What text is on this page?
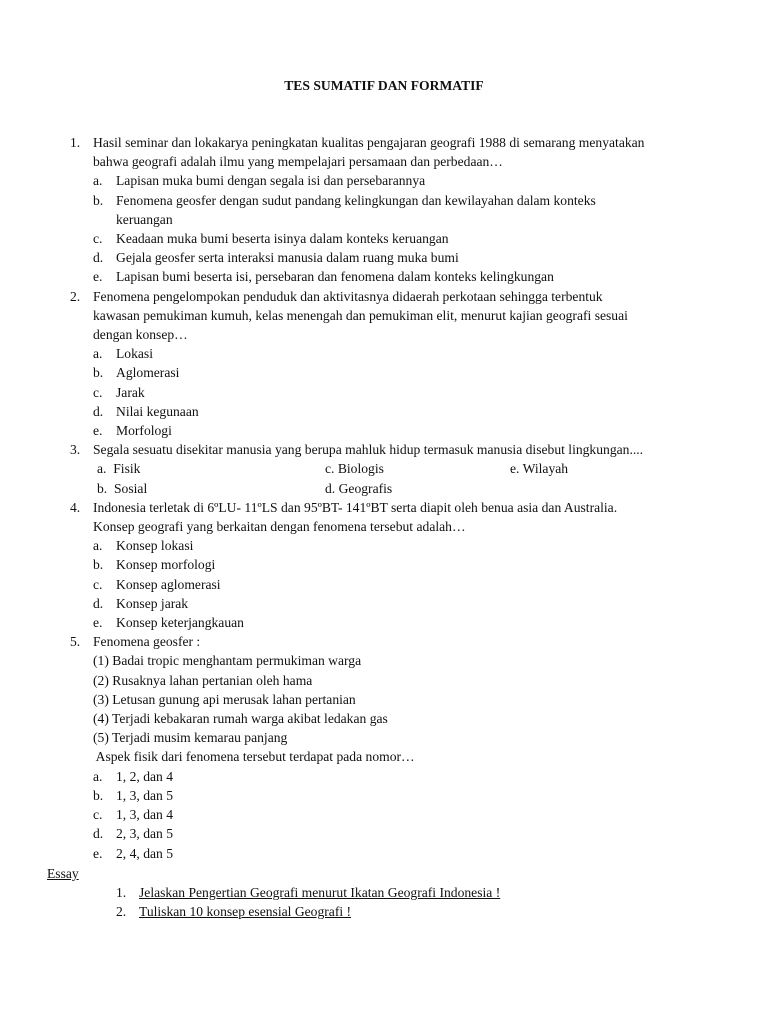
TES SUMATIF DAN FORMATIF
1. Hasil seminar dan lokakarya peningkatan kualitas pengajaran geografi 1988 di semarang menyatakan
bahwa geografi adalah ilmu yang mempelajari persamaan dan perbedaan…
a. Lapisan muka bumi dengan segala isi dan persebarannya
b. Fenomena geosfer dengan sudut pandang kelingkungan dan kewilayahan dalam konteks
keruangan
c. Keadaan muka bumi beserta isinya dalam konteks keruangan
d. Gejala geosfer serta interaksi manusia dalam ruang muka bumi
e. Lapisan bumi beserta isi, persebaran dan fenomena dalam konteks kelingkungan
2. Fenomena pengelompokan penduduk dan aktivitasnya didaerah perkotaan sehingga terbentuk
kawasan pemukiman kumuh, kelas menengah dan pemukiman elit, menurut kajian geografi sesuai
dengan konsep…
a. Lokasi
b. Aglomerasi
c. Jarak
d. Nilai kegunaan
e. Morfologi
3. Segala sesuatu disekitar manusia yang berupa mahluk hidup termasuk manusia disebut lingkungan....
a. Fisik	c. Biologis	e. Wilayah
b. Sosial	d. Geografis
4. Indonesia terletak di 6ºLU- 11ºLS dan 95ºBT- 141ºBT serta diapit oleh benua asia dan Australia.
Konsep geografi yang berkaitan dengan fenomena tersebut adalah…
a. Konsep lokasi
b. Konsep morfologi
c. Konsep aglomerasi
d. Konsep jarak
e. Konsep keterjangkauan
5. Fenomena geosfer :
(1) Badai tropic menghantam permukiman warga
(2) Rusaknya lahan pertanian oleh hama
(3) Letusan gunung api merusak lahan pertanian
(4) Terjadi kebakaran rumah warga akibat ledakan gas
(5) Terjadi musim kemarau panjang
Aspek fisik dari fenomena tersebut terdapat pada nomor…
a. 1, 2, dan 4
b. 1, 3, dan 5
c. 1, 3, dan 4
d. 2, 3, dan 5
e. 2, 4, dan 5
Essay
1. Jelaskan Pengertian Geografi menurut Ikatan Geografi Indonesia !
2. Tuliskan 10 konsep esensial Geografi !
